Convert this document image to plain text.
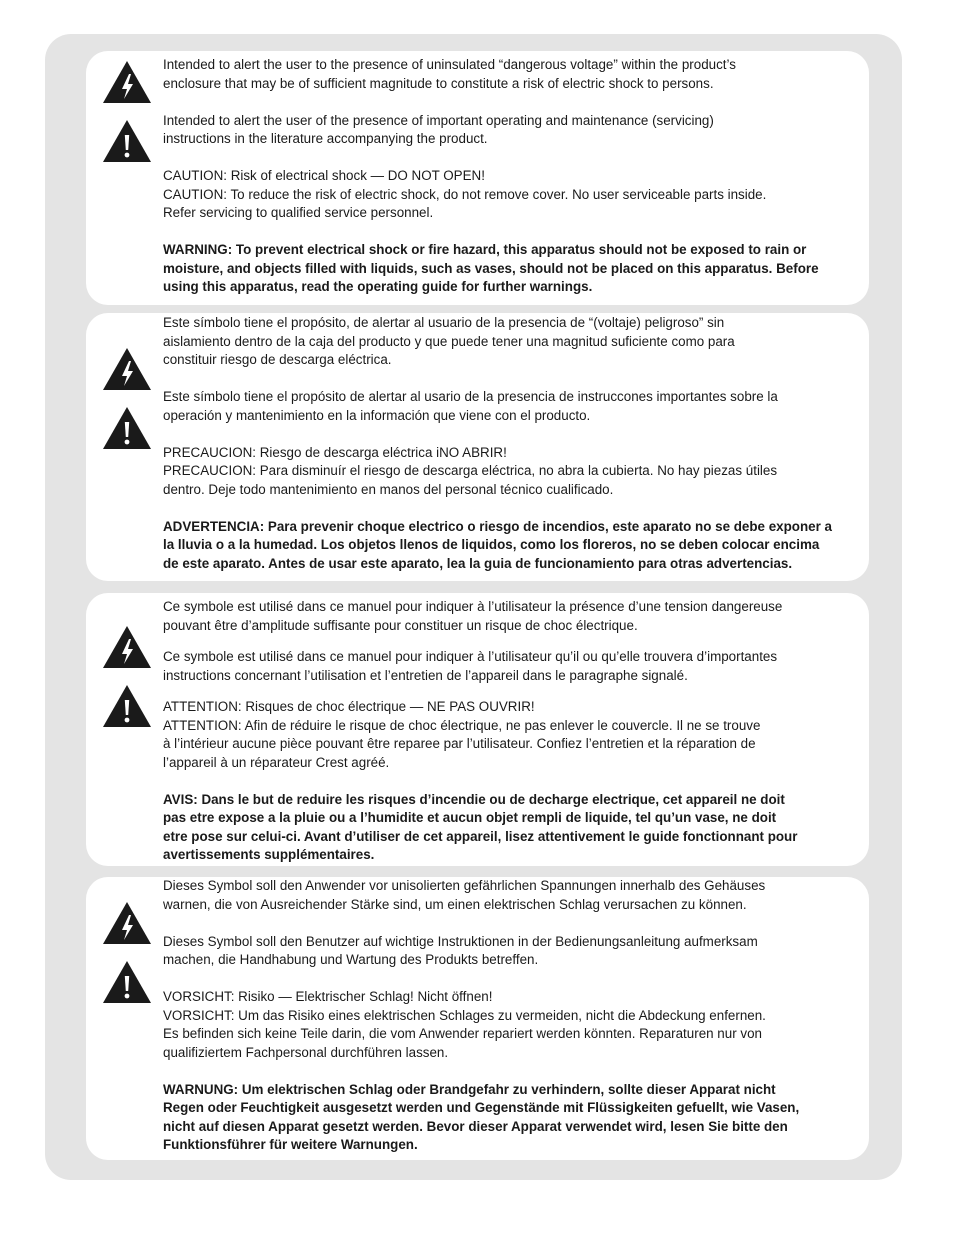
Intended to alert the user to the presence of uninsulated “dangerous voltage” within the product’s
enclosure that may be of sufficient magnitude to constitute a risk of electric shock to persons.

Intended to alert the user of the presence of important operating and maintenance (servicing)
instructions in the literature accompanying the product.

CAUTION: Risk of electrical shock — DO NOT OPEN!
CAUTION: To reduce the risk of electric shock, do not remove cover. No user serviceable parts inside.
Refer servicing to qualified service personnel.

WARNING: To prevent electrical shock or fire hazard, this apparatus should not be exposed to rain or
moisture, and objects filled with liquids, such as vases, should not be placed on this apparatus. Before
using this apparatus, read the operating guide for further warnings.

Este símbolo tiene el propósito, de alertar al usuario de la presencia de “(voltaje) peligroso” sin
aislamiento dentro de la caja del producto y que puede tener una magnitud suficiente como para
constituir riesgo de descarga eléctrica.

Este símbolo tiene el propósito de alertar al usario de la presencia de instruccones importantes sobre la
operación y mantenimiento en la información que viene con el producto.

PRECAUCION: Riesgo de descarga eléctrica iNO ABRIR!
PRECAUCION: Para disminuír el riesgo de descarga eléctrica, no abra la cubierta. No hay piezas útiles
dentro. Deje todo mantenimiento en manos del personal técnico cualificado.

ADVERTENCIA: Para prevenir choque electrico o riesgo de incendios, este aparato no se debe exponer a
la lluvia o a la humedad. Los objetos llenos de liquidos, como los floreros, no se deben colocar encima
de este aparato. Antes de usar este aparato, lea la guia de funcionamiento para otras advertencias.

Ce symbole est utilisé dans ce manuel pour indiquer à l’utilisateur la présence d’une tension dangereuse
pouvant être d’amplitude suffisante pour constituer un risque de choc électrique.

Ce symbole est utilisé dans ce manuel pour indiquer à l’utilisateur qu’il ou qu’elle trouvera d’importantes
instructions concernant l’utilisation et l’entretien de l’appareil dans le paragraphe signalé.

ATTENTION: Risques de choc électrique — NE PAS OUVRIR!
ATTENTION: Afin de réduire le risque de choc électrique, ne pas enlever le couvercle. Il ne se trouve
à l’intérieur aucune pièce pouvant être reparee par l’utilisateur. Confiez l’entretien et la réparation de
l’appareil à un réparateur Crest agréé.

AVIS: Dans le but de reduire les risques d’incendie ou de decharge electrique, cet appareil ne doit
pas etre expose a la pluie ou a l’humidite et aucun objet rempli de liquide, tel qu’un vase, ne doit
etre pose sur celui-ci. Avant d’utiliser de cet appareil, lisez attentivement le guide fonctionnant pour
avertissements supplémentaires.

Dieses Symbol soll den Anwender vor unisolierten gefährlichen Spannungen innerhalb des Gehäuses
warnen, die von Ausreichender Stärke sind, um einen elektrischen Schlag verursachen zu können.

Dieses Symbol soll den Benutzer auf wichtige Instruktionen in der Bedienungsanleitung aufmerksam
machen, die Handhabung und Wartung des Produkts betreffen.

VORSICHT: Risiko — Elektrischer Schlag! Nicht öffnen!
VORSICHT: Um das Risiko eines elektrischen Schlages zu vermeiden, nicht die Abdeckung enfernen.
Es befinden sich keine Teile darin, die vom Anwender repariert werden könnten. Reparaturen nur von
qualifiziertem Fachpersonal durchführen lassen.

WARNUNG: Um elektrischen Schlag oder Brandgefahr zu verhindern, sollte dieser Apparat nicht
Regen oder Feuchtigkeit ausgesetzt werden und Gegenstände mit Flüssigkeiten gefuellt, wie Vasen,
nicht auf diesen Apparat gesetzt werden. Bevor dieser Apparat verwendet wird, lesen Sie bitte den
Funktionsführer für weitere Warnungen.
